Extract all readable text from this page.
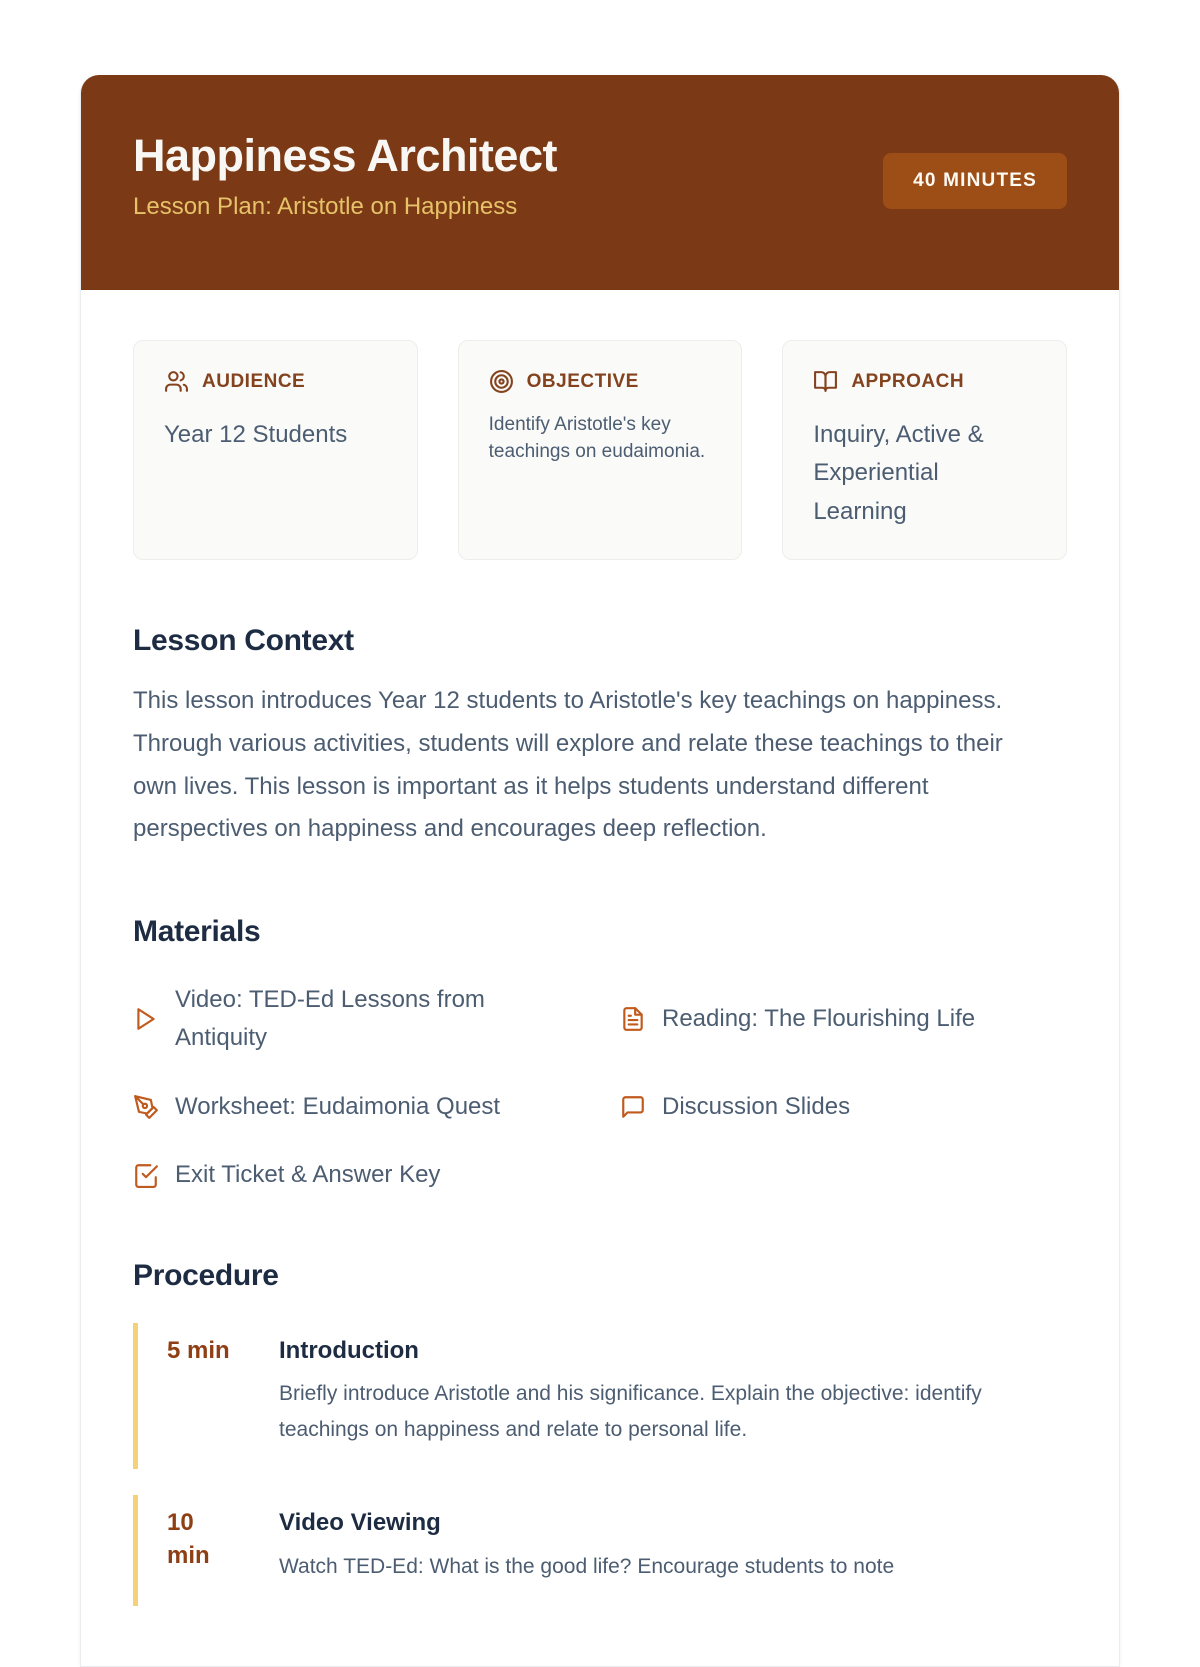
Happiness Architect

Lesson Plan: Aristotle on Happiness

40 MINUTES
AUDIENCE
Year 12 Students
OBJECTIVE
Identify Aristotle's key teachings on eudaimonia.
APPROACH
Inquiry, Active & Experiential Learning
Lesson Context

This lesson introduces Year 12 students to Aristotle's key teachings on happiness. Through various activities, students will explore and relate these teachings to their own lives. This lesson is important as it helps students understand different perspectives on happiness and encourages deep reflection.

Materials
Video: TED-Ed Lessons from Antiquity
Reading: The Flourishing Life
Worksheet: Eudaimonia Quest	Discussion Slides
Exit Ticket & Answer Key
Procedure
5 min	Introduction
Briefly introduce Aristotle and his significance. Explain the objective: identify teachings on happiness and relate to personal life.
10 min
Video Viewing
Watch TED-Ed: What is the good life? Encourage students to note
